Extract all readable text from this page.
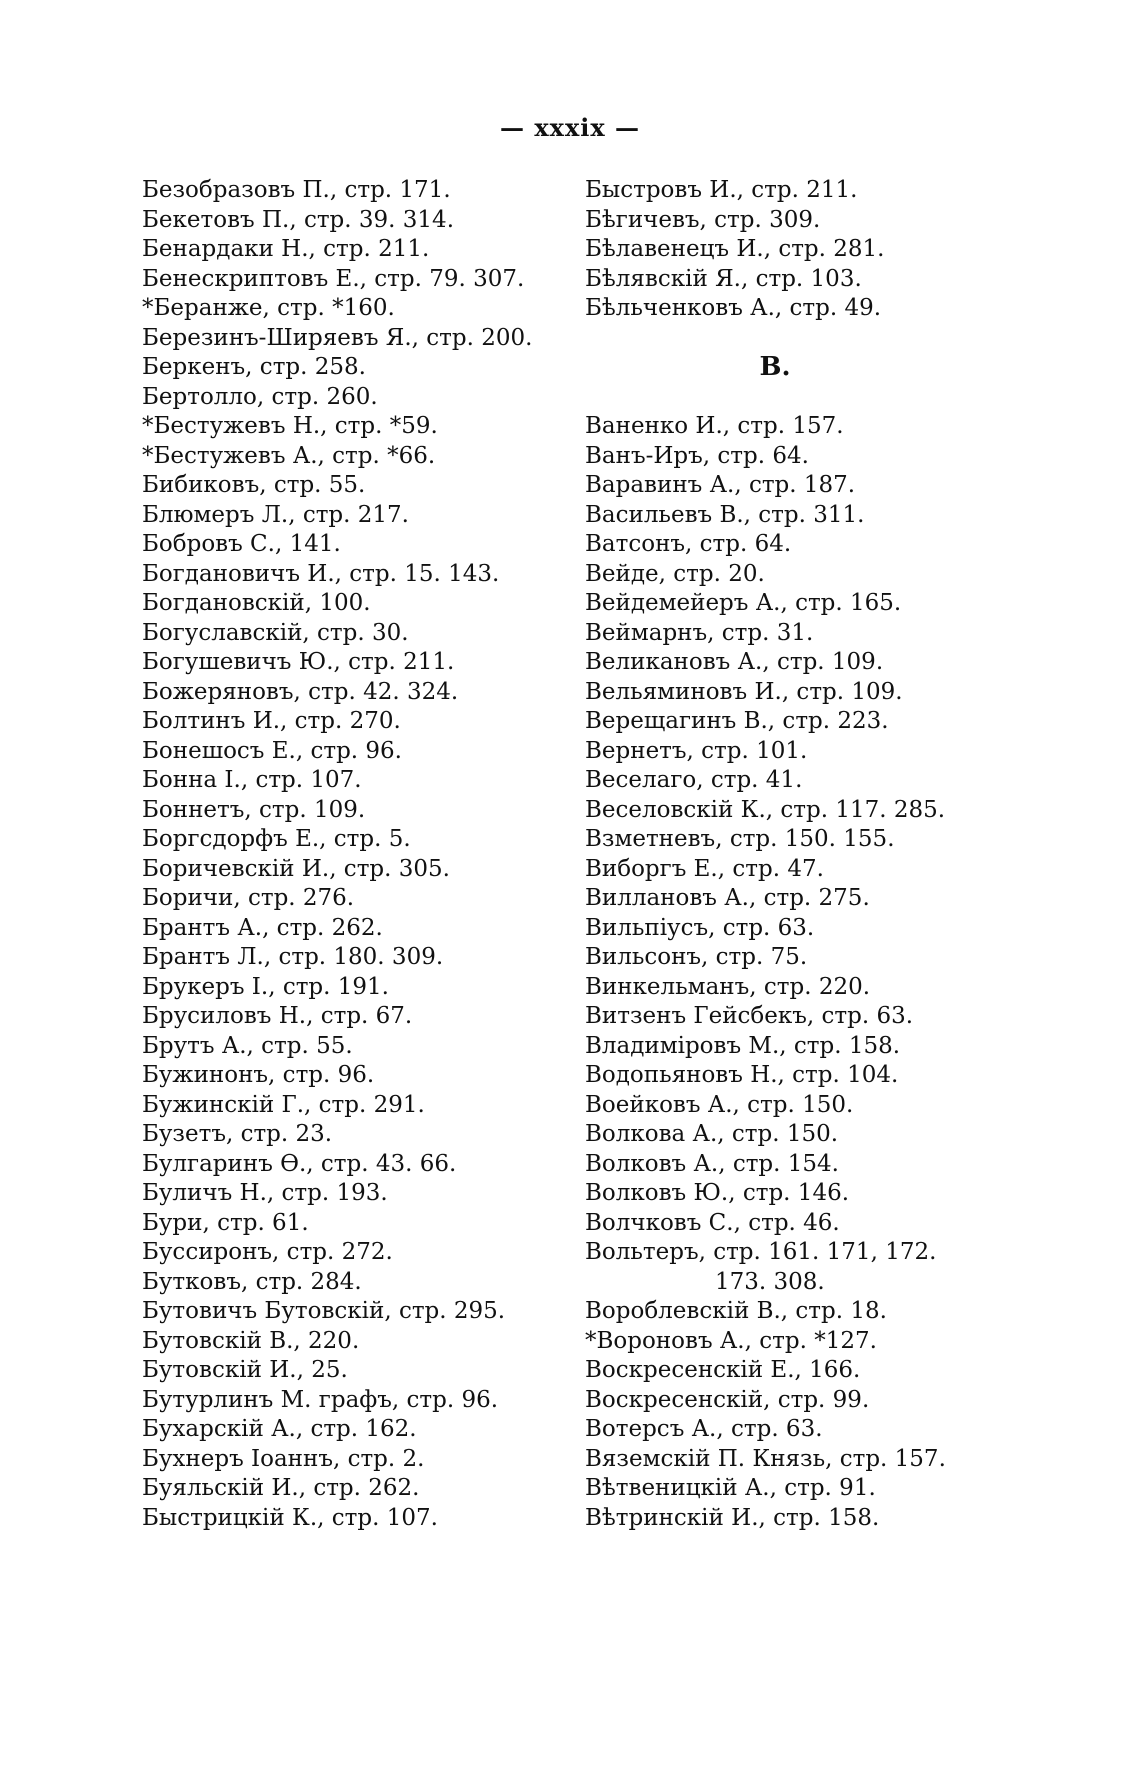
— xxxix —
Безобразовъ П., стр. 171.
Бекетовъ П., стр. 39. 314.
Бенардаки Н., стр. 211.
Бенескриптовъ Е., стр. 79. 307.
*Беранже, стр. *160.
Березинъ-Ширяевъ Я., стр. 200.
Беркенъ, стр. 258.
Бертолло, стр. 260.
*Бестужевъ Н., стр. *59.
*Бестужевъ А., стр. *66.
Бибиковъ, стр. 55.
Блюмеръ Л., стр. 217.
Бобровъ С., 141.
Богдановичъ И., стр. 15. 143.
Богдановскій, 100.
Богуславскій, стр. 30.
Богушевичъ Ю., стр. 211.
Божеряновъ, стр. 42. 324.
Болтинъ И., стр. 270.
Бонешосъ Е., стр. 96.
Бонна І., стр. 107.
Боннетъ, стр. 109.
Боргсдорфъ Е., стр. 5.
Боричевскій И., стр. 305.
Боричи, стр. 276.
Брантъ А., стр. 262.
Брантъ Л., стр. 180. 309.
Брукеръ І., стр. 191.
Брусиловъ Н., стр. 67.
Брутъ А., стр. 55.
Бужинонъ, стр. 96.
Бужинскій Г., стр. 291.
Бузетъ, стр. 23.
Булгаринъ Ѳ., стр. 43. 66.
Буличъ Н., стр. 193.
Бури, стр. 61.
Буссиронъ, стр. 272.
Бутковъ, стр. 284.
Бутовичъ Бутовскій, стр. 295.
Бутовскій В., 220.
Бутовскій И., 25.
Бутурлинъ М. графъ, стр. 96.
Бухарскій А., стр. 162.
Бухнеръ Іоаннъ, стр. 2.
Буяльскій И., стр. 262.
Быстрицкій К., стр. 107.
Быстровъ И., стр. 211.
Бѣгичевъ, стр. 309.
Бѣлавенецъ И., стр. 281.
Бѣлявскій Я., стр. 103.
Бѣльченковъ А., стр. 49.
В.
Ваненко И., стр. 157.
Ванъ-Иръ, стр. 64.
Варавинъ А., стр. 187.
Васильевъ В., стр. 311.
Ватсонъ, стр. 64.
Вейде, стр. 20.
Вейдемейеръ А., стр. 165.
Веймарнъ, стр. 31.
Великановъ А., стр. 109.
Вельяминовъ И., стр. 109.
Верещагинъ В., стр. 223.
Вернетъ, стр. 101.
Веселаго, стр. 41.
Веселовскій К., стр. 117. 285.
Взметневъ, стр. 150. 155.
Виборгъ Е., стр. 47.
Виллановъ А., стр. 275.
Вильпіусъ, стр. 63.
Вильсонъ, стр. 75.
Винкельманъ, стр. 220.
Витзенъ Гейсбекъ, стр. 63.
Владиміровъ М., стр. 158.
Водопьяновъ Н., стр. 104.
Воейковъ А., стр. 150.
Волкова А., стр. 150.
Волковъ А., стр. 154.
Волковъ Ю., стр. 146.
Волчковъ С., стр. 46.
Вольтеръ, стр. 161. 171, 172.
173. 308.
Вороблевскій В., стр. 18.
*Вороновъ А., стр. *127.
Воскресенскій Е., 166.
Воскресенскій, стр. 99.
Вотерсъ А., стр. 63.
Вяземскій П. Князь, стр. 157.
Вѣтвеницкій А., стр. 91.
Вѣтринскій И., стр. 158.
